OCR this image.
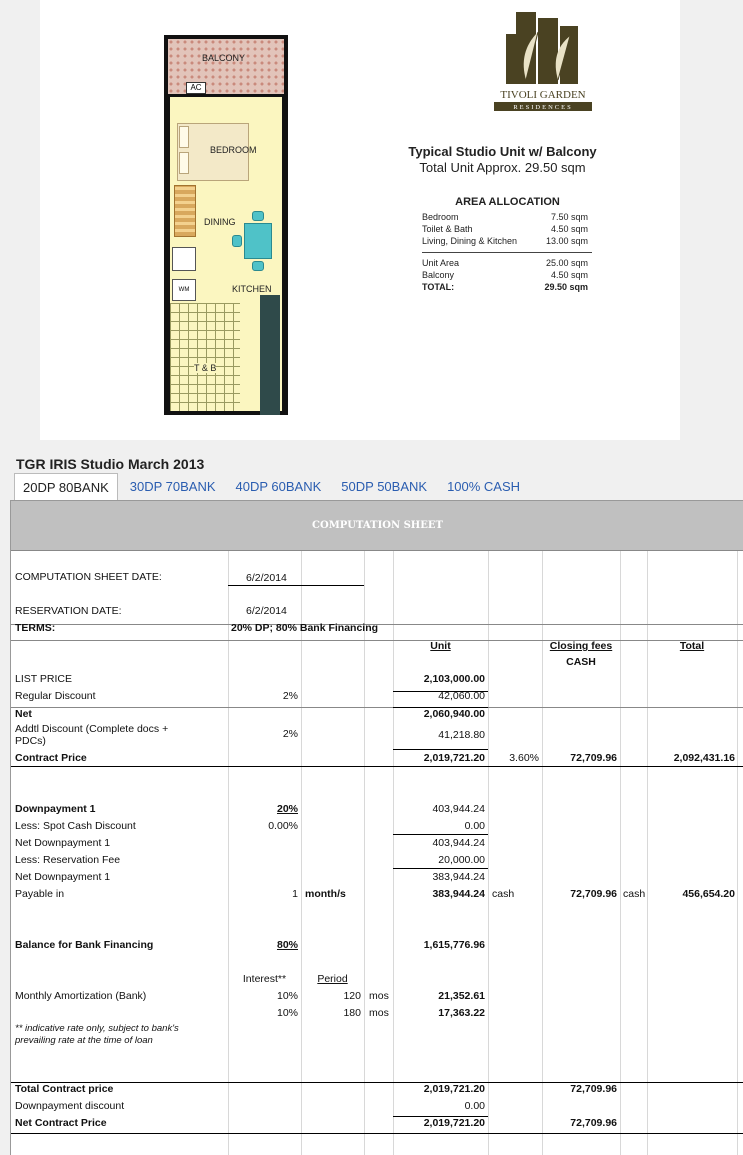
AC
WM
BALCONY
BEDROOM
DINING
KITCHEN
T & B
TIVOLI GARDEN
RESIDENCES
Typical Studio Unit w/ Balcony
Total Unit Approx. 29.50 sqm
AREA ALLOCATION
Bedroom	7.50 sqm
Toilet & Bath	4.50 sqm
Living, Dining & Kitchen	13.00 sqm
Unit Area	25.00 sqm
Balcony	4.50 sqm
TOTAL:	29.50 sqm
TGR IRIS Studio March 2013
20DP 80BANK	30DP 70BANK	40DP 60BANK	50DP 50BANK	100% CASH
COMPUTATION SHEET
COMPUTATION SHEET DATE:	6/2/2014
RESERVATION DATE:	6/2/2014
TERMS:	20% DP; 80% Bank Financing
Unit	Closing fees
CASH
Total
LIST PRICE	2,103,000.00
Regular Discount	2%	42,060.00
Net	2,060,940.00
Addtl Discount (Complete docs +
PDCs)
2%	41,218.80
Contract Price	2,019,721.20	3.60%	72,709.96	2,092,431.16
Downpayment 1	20%	403,944.24
Less: Spot Cash Discount	0.00%	0.00
Net Downpayment 1	403,944.24
Less: Reservation Fee	20,000.00
Net Downpayment 1	383,944.24
Payable in	1 month/s	383,944.24 cash	72,709.96 cash	456,654.20
Balance for Bank Financing	80%	1,615,776.96
Interest**	Period
Monthly Amortization (Bank)	10%	120 mos	21,352.61
10%	180 mos	17,363.22
** indicative rate only, subject to bank's
prevailing rate at the time of loan
Total Contract price	2,019,721.20	72,709.96
Downpayment discount	0.00
Net Contract Price	2,019,721.20	72,709.96
